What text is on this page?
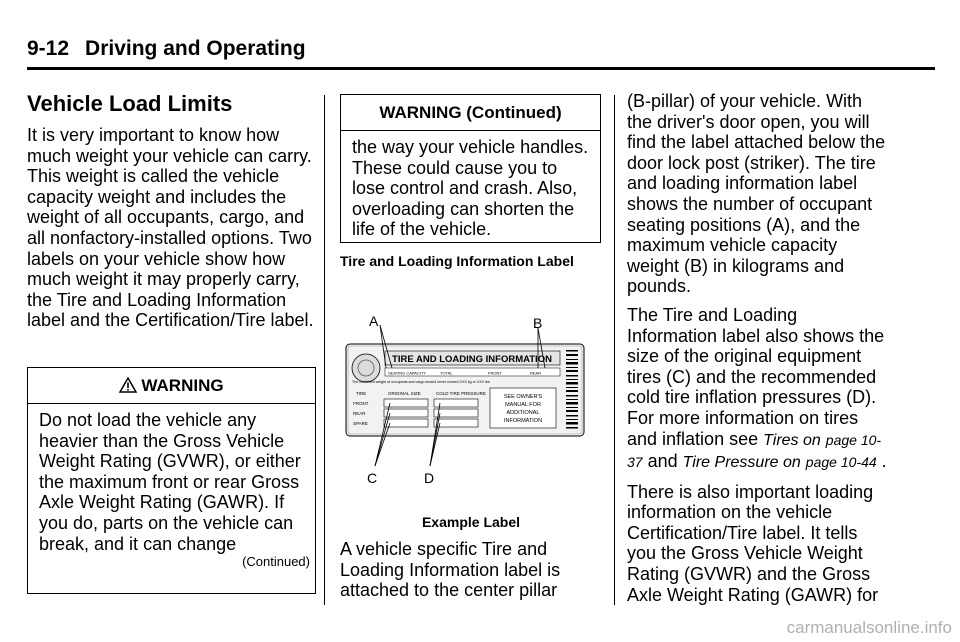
9-12 Driving and Operating
Vehicle Load Limits

It is very important to know how much weight your vehicle can carry. This weight is called the vehicle capacity weight and includes the weight of all occupants, cargo, and all nonfactory-installed options. Two labels on your vehicle show how much weight it may properly carry, the Tire and Loading Information label and the Certification/Tire label.

WARNING
Do not load the vehicle any heavier than the Gross Vehicle Weight Rating (GVWR), or either the maximum front or rear Gross Axle Weight Rating (GAWR). If you do, parts on the vehicle can break, and it can change
(Continued)
WARNING (Continued)
the way your vehicle handles. These could cause you to lose control and crash. Also, overloading can shorten the life of the vehicle.
Tire and Loading Information Label
TIRE AND LOADING INFORMATION
SEATING CAPACITY	TOTAL	FRONT	REAR
The combined weight of occupants and cargo should never exceed XXX kg or XXX lbs
TIRE	ORIGINAL SIZE	COLD TIRE PRESSURE
FRONT
REAR
SPARE
SEE OWNER'S
MANUAL FOR
ADDITIONAL
INFORMATION
A	B
C	D
Example Label

A vehicle specific Tire and Loading Information label is attached to the center pillar

(B-pillar) of your vehicle. With the driver's door open, you will find the label attached below the door lock post (striker). The tire and loading information label shows the number of occupant seating positions (A), and the maximum vehicle capacity weight (B) in kilograms and pounds.

The Tire and Loading Information label also shows the size of the original equipment tires (C) and the recommended cold tire inflation pressures (D). For more information on tires and inflation see Tires on page 10-37 and Tire Pressure on page 10-44 .

There is also important loading information on the vehicle Certification/Tire label. It tells you the Gross Vehicle Weight Rating (GVWR) and the Gross Axle Weight Rating (GAWR) for

carmanualsonline.info
